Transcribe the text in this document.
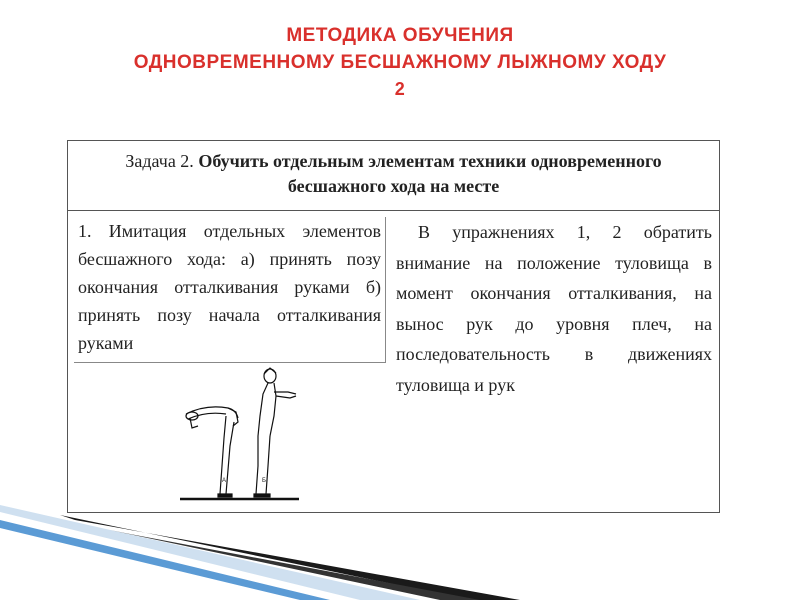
МЕТОДИКА ОБУЧЕНИЯ
ОДНОВРЕМЕННОМУ БЕСШАЖНОМУ ЛЫЖНОМУ ХОДУ
2
Задача 2. Обучить отдельным элементам техники одновременного
бесшажного хода на месте
1. Имитация отдельных элементов бесшажного хода: а) принять позу окончания отталкивания руками б) принять позу начала отталкивания руками
В упражнениях 1, 2 обратить внимание на положение туловища в момент окончания отталкивания, на вынос рук до уровня плеч, на последовательность в движениях туловища и рук
А	Б
